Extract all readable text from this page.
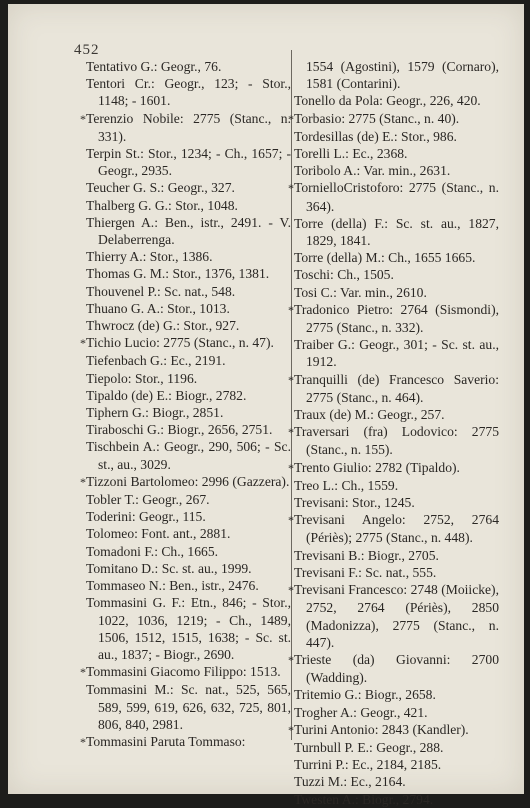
452

Tentativo G.: Geogr., 76.

Tentori Cr.: Geogr., 123; - Stor., 1148; - 1601.

* Terenzio Nobile: 2775 (Stanc., n. 331).

Terpin St.: Stor., 1234; - Ch., 1657; - Geogr., 2935.

Teucher G. S.: Geogr., 327.

Thalberg G. G.: Stor., 1048.

Thiergen A.: Ben., istr., 2491. - V. Delaberrenga.

Thierry A.: Stor., 1386.

Thomas G. M.: Stor., 1376, 1381.

Thouvenel P.: Sc. nat., 548.

Thuano G. A.: Stor., 1013.

Thwrocz (de) G.: Stor., 927.

* Tichio Lucio: 2775 (Stanc., n. 47).

Tiefenbach G.: Ec., 2191.

Tiepolo: Stor., 1196.

Tipaldo (de) E.: Biogr., 2782.

Tiphern G.: Biogr., 2851.

Tiraboschi G.: Biogr., 2656, 2751.

Tischbein A.: Geogr., 290, 506; - Sc. st., au., 3029.

* Tizzoni Bartolomeo: 2996 (Gazzera).

Tobler T.: Geogr., 267.

Toderini: Geogr., 115.

Tolomeo: Font. ant., 2881.

Tomadoni F.: Ch., 1665.

Tomitano D.: Sc. st. au., 1999.

Tommaseo N.: Ben., istr., 2476.

Tommasini G. F.: Etn., 846; - Stor., 1022, 1036, 1219; - Ch., 1489, 1506, 1512, 1515, 1638; - Sc. st. au., 1837; - Biogr., 2690.

* Tommasini Giacomo Filippo: 1513.

Tommasini M.: Sc. nat., 525, 565, 589, 599, 619, 626, 632, 725, 801, 806, 840, 2981.

* Tommasini Paruta Tommaso:

1554 (Agostini), 1579 (Cornaro), 1581 (Contarini).

Tonello da Pola: Geogr., 226, 420.

* Torbasio: 2775 (Stanc., n. 40).

Tordesillas (de) E.: Stor., 986.

Torelli L.: Ec., 2368.

Toribolo A.: Var. min., 2631.

* TornielloCristoforo: 2775 (Stanc., n. 364).

Torre (della) F.: Sc. st. au., 1827, 1829, 1841.

Torre (della) M.: Ch., 1655 1665.

Toschi: Ch., 1505.

Tosi C.: Var. min., 2610.

* Tradonico Pietro: 2764 (Sismondi), 2775 (Stanc., n. 332).

Traiber G.: Geogr., 301; - Sc. st. au., 1912.

* Tranquilli (de) Francesco Saverio: 2775 (Stanc., n. 464).

Traux (de) M.: Geogr., 257.

* Traversari (fra) Lodovico: 2775 (Stanc., n. 155).

* Trento Giulio: 2782 (Tipaldo).

Treo L.: Ch., 1559.

Trevisani: Stor., 1245.

* Trevisani Angelo: 2752, 2764 (Périès); 2775 (Stanc., n. 448).

Trevisani B.: Biogr., 2705.

Trevisani F.: Sc. nat., 555.

* Trevisani Francesco: 2748 (Moiicke), 2752, 2764 (Périès), 2850 (Madonizza), 2775 (Stanc., n. 447).

* Trieste (da) Giovanni: 2700 (Wadding).

Tritemio G.: Biogr., 2658.

Trogher A.: Geogr., 421.

* Turini Antonio: 2843 (Kandler).

Turnbull P. E.: Geogr., 288.

Turrini P.: Ec., 2184, 2185.

Tuzzi M.: Ec., 2164.

Twesten A.: Biogr., 2794.
